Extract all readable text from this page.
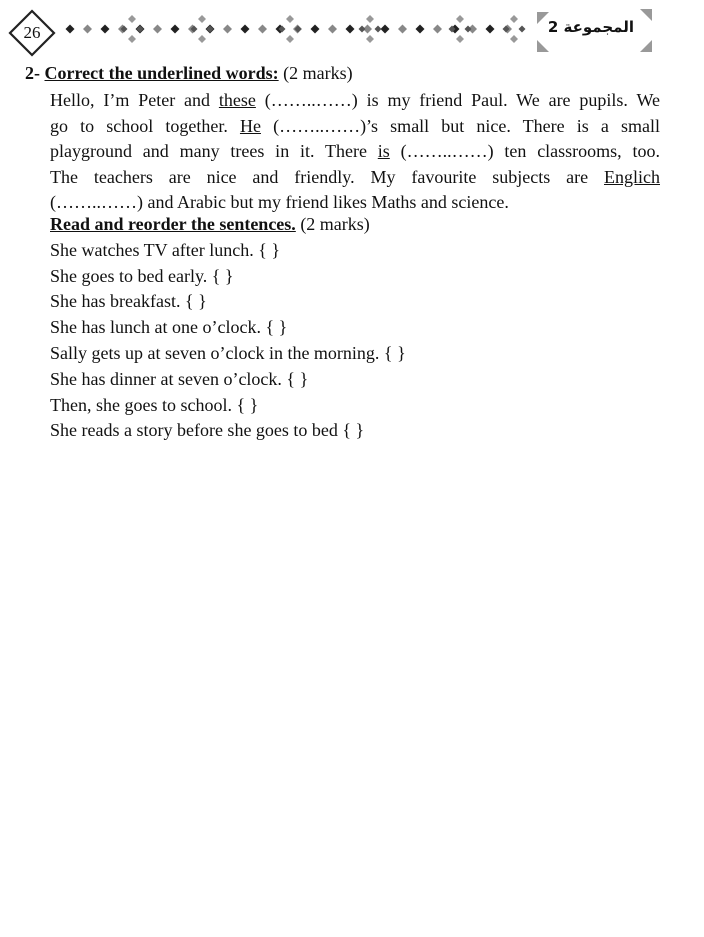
26	المجموعة 2
2- Correct the underlined words: (2 marks)
Hello, I’m Peter and these (……..……) is my friend Paul. We are pupils. We
go to school together. He (……..……)’s small but nice. There is a small
playground and many trees in it. There is (……..……) ten classrooms, too.
The teachers are nice and friendly. My favourite subjects are Englich
(……..……) and Arabic but my friend likes Maths and science.
Read and reorder the sentences. (2 marks)
She watches TV after lunch. { }
She goes to bed early. { }
She has breakfast. { }
She has lunch at one o’clock. { }
Sally gets up at seven o’clock in the morning. { }
She has dinner at seven o’clock. { }
Then, she goes to school. { }
She reads a story before she goes to bed { }
